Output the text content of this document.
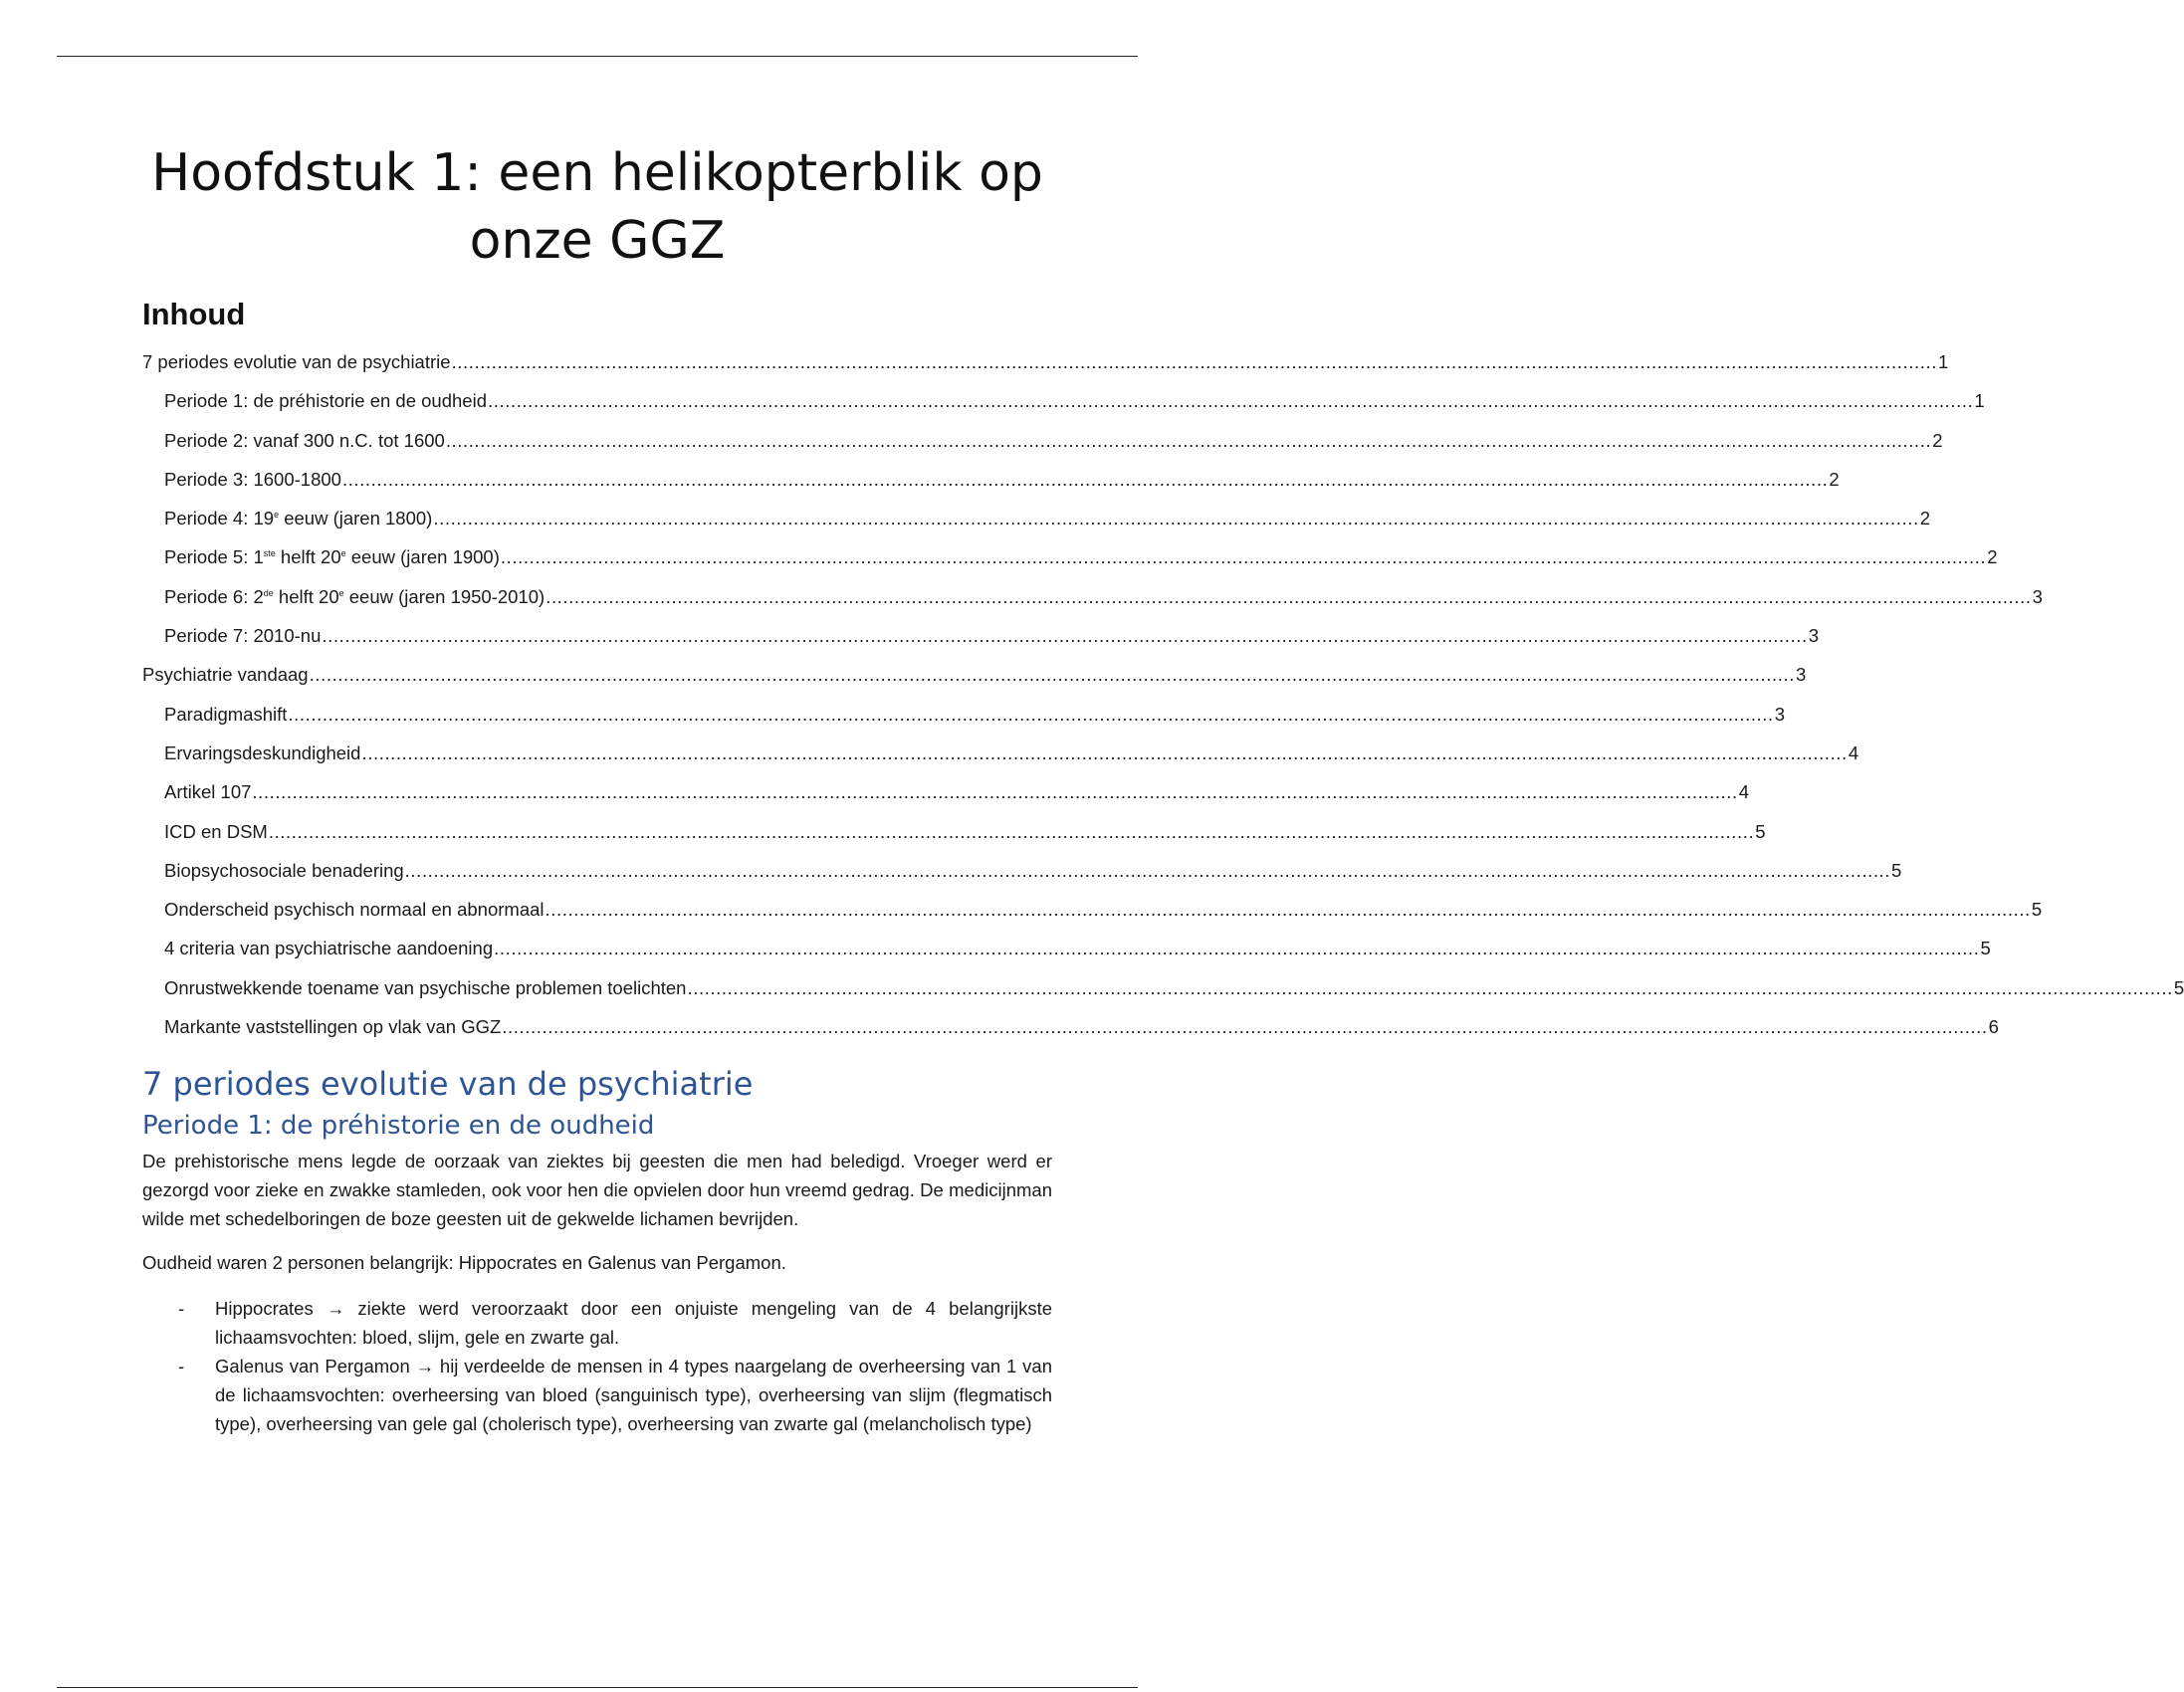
Hoofdstuk 1: een helikopterblik op onze GGZ
Inhoud
7 periodes evolutie van de psychiatrie .................................................................................................................................................................................................................................................................... 1
Periode 1: de préhistorie en de oudheid .................................................................................................................................................................................................................................................................... 1
Periode 2: vanaf 300 n.C. tot 1600 .................................................................................................................................................................................................................................................................... 2
Periode 3: 1600-1800 .................................................................................................................................................................................................................................................................... 2
Periode 4: 19e eeuw (jaren 1800) .................................................................................................................................................................................................................................................................... 2
Periode 5: 1ste helft 20e eeuw (jaren 1900) .................................................................................................................................................................................................................................................................... 2
Periode 6: 2de helft 20e eeuw (jaren 1950-2010) .................................................................................................................................................................................................................................................................... 3
Periode 7: 2010-nu .................................................................................................................................................................................................................................................................... 3
Psychiatrie vandaag .................................................................................................................................................................................................................................................................... 3
Paradigmashift .................................................................................................................................................................................................................................................................... 3
Ervaringsdeskundigheid .................................................................................................................................................................................................................................................................... 4
Artikel 107 .................................................................................................................................................................................................................................................................... 4
ICD en DSM .................................................................................................................................................................................................................................................................... 5
Biopsychosociale benadering .................................................................................................................................................................................................................................................................... 5
Onderscheid psychisch normaal en abnormaal .................................................................................................................................................................................................................................................................... 5
4 criteria van psychiatrische aandoening .................................................................................................................................................................................................................................................................... 5
Onrustwekkende toename van psychische problemen toelichten .................................................................................................................................................................................................................................................................... 5
Markante vaststellingen op vlak van GGZ .................................................................................................................................................................................................................................................................... 6
7 periodes evolutie van de psychiatrie
Periode 1: de préhistorie en de oudheid

De prehistorische mens legde de oorzaak van ziektes bij geesten die men had beledigd. Vroeger werd er gezorgd voor zieke en zwakke stamleden, ook voor hen die opvielen door hun vreemd gedrag. De medicijnman wilde met schedelboringen de boze geesten uit de gekwelde lichamen bevrijden.

Oudheid waren 2 personen belangrijk: Hippocrates en Galenus van Pergamon.

- Hippocrates → ziekte werd veroorzaakt door een onjuiste mengeling van de 4 belangrijkste lichaamsvochten: bloed, slijm, gele en zwarte gal.
- Galenus van Pergamon → hij verdeelde de mensen in 4 types naargelang de overheersing van 1 van de lichaamsvochten: overheersing van bloed (sanguinisch type), overheersing van slijm (flegmatisch type), overheersing van gele gal (cholerisch type), overheersing van zwarte gal (melancholisch type)
